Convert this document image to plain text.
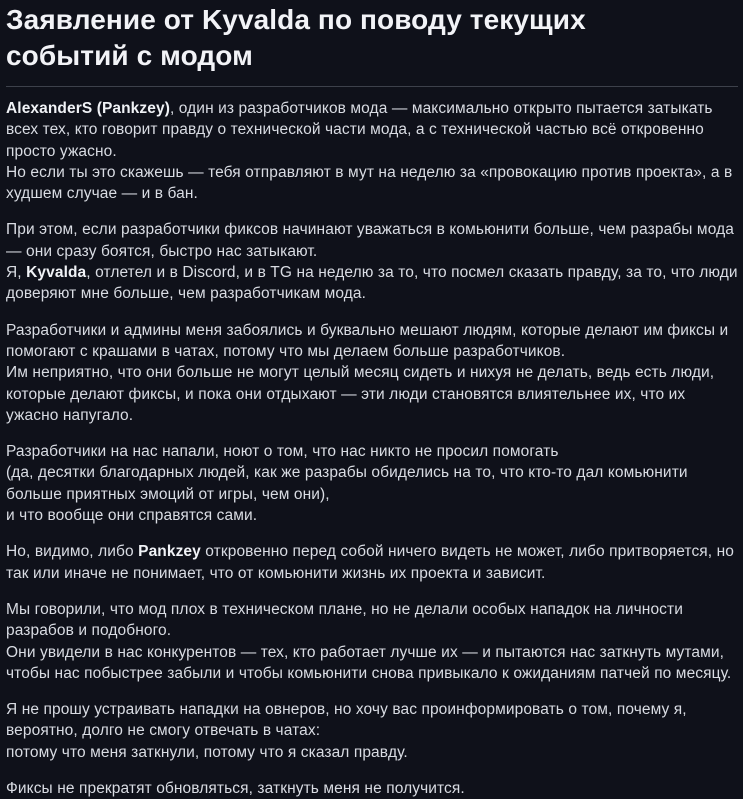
Заявление от Kyvalda по поводу текущих событий с модом

AlexanderS (Pankzey), один из разработчиков мода — максимально открыто пытается затыкать всех тех, кто говорит правду о технической части мода, а с технической частью всё откровенно просто ужасно.
Но если ты это скажешь — тебя отправляют в мут на неделю за «провокацию против проекта», а в худшем случае — и в бан.

При этом, если разработчики фиксов начинают уважаться в комьюнити больше, чем разрабы мода — они сразу боятся, быстро нас затыкают.
Я, Kyvalda, отлетел и в Discord, и в TG на неделю за то, что посмел сказать правду, за то, что люди доверяют мне больше, чем разработчикам мода.

Разработчики и админы меня забоялись и буквально мешают людям, которые делают им фиксы и помогают с крашами в чатах, потому что мы делаем больше разработчиков.
Им неприятно, что они больше не могут целый месяц сидеть и нихуя не делать, ведь есть люди, которые делают фиксы, и пока они отдыхают — эти люди становятся влиятельнее их, что их ужасно напугало.

Разработчики на нас напали, ноют о том, что нас никто не просил помогать
(да, десятки благодарных людей, как же разрабы обиделись на то, что кто-то дал комьюнити больше приятных эмоций от игры, чем они),
и что вообще они справятся сами.

Но, видимо, либо Pankzey откровенно перед собой ничего видеть не может, либо притворяется, но так или иначе не понимает, что от комьюнити жизнь их проекта и зависит.

Мы говорили, что мод плох в техническом плане, но не делали особых нападок на личности разрабов и подобного.
Они увидели в нас конкурентов — тех, кто работает лучше их — и пытаются нас заткнуть мутами, чтобы нас побыстрее забыли и чтобы комьюнити снова привыкало к ожиданиям патчей по месяцу.

Я не прошу устраивать нападки на овнеров, но хочу вас проинформировать о том, почему я, вероятно, долго не смогу отвечать в чатах:
потому что меня заткнули, потому что я сказал правду.

Фиксы не прекратят обновляться, заткнуть меня не получится.
